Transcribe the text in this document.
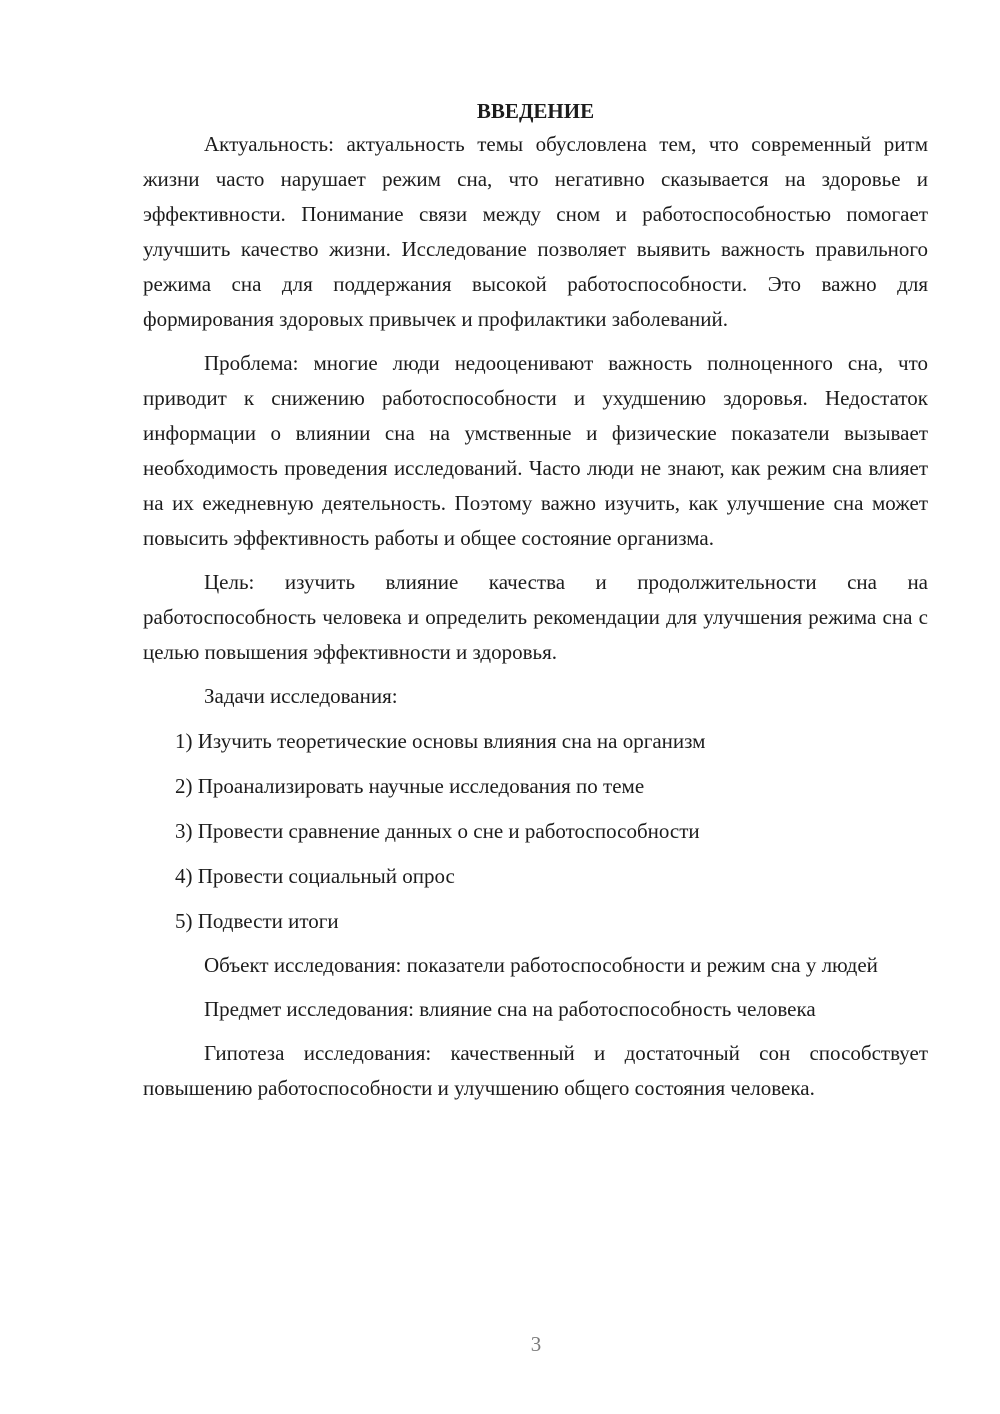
ВВЕДЕНИЕ

Актуальность: актуальность темы обусловлена тем, что современный ритм жизни часто нарушает режим сна, что негативно сказывается на здоровье и эффективности. Понимание связи между сном и работоспособностью помогает улучшить качество жизни. Исследование позволяет выявить важность правильного режима сна для поддержания высокой работоспособности. Это важно для формирования здоровых привычек и профилактики заболеваний.

Проблема: многие люди недооценивают важность полноценного сна, что приводит к снижению работоспособности и ухудшению здоровья. Недостаток информации о влиянии сна на умственные и физические показатели вызывает необходимость проведения исследований. Часто люди не знают, как режим сна влияет на их ежедневную деятельность. Поэтому важно изучить, как улучшение сна может повысить эффективность работы и общее состояние организма.

Цель: изучить влияние качества и продолжительности сна на работоспособность человека и определить рекомендации для улучшения режима сна с целью повышения эффективности и здоровья.

Задачи исследования:

1) Изучить теоретические основы влияния сна на организм
2) Проанализировать научные исследования по теме
3) Провести сравнение данных о сне и работоспособности
4) Провести социальный опрос
5) Подвести итоги

Объект исследования: показатели работоспособности и режим сна у людей

Предмет исследования: влияние сна на работоспособность человека

Гипотеза исследования: качественный и достаточный сон способствует повышению работоспособности и улучшению общего состояния человека.

3
